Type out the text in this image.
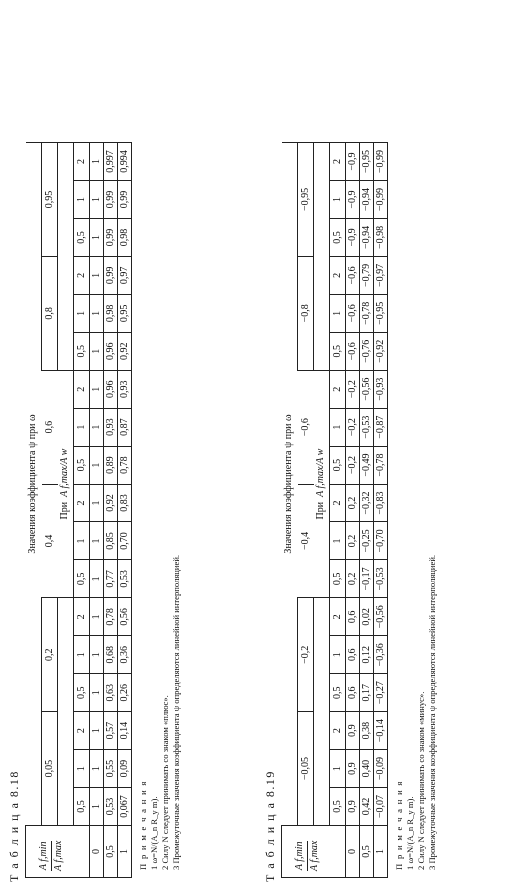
Т а б л и ц а 8.18 A f,min A f,max	Значения коэффициента ψ при ω																	
	0,05			0,2			0,4			0,6			0,8			0,95		
							При  A f,max/A w											
	0,5	1	2	0,5	1	2	0,5	1	2	0,5	1	2	0,5	1	2	0,5	1	2
0	1	1	1	1	1	1	1	1	1	1	1	1	1	1	1	1	1	1
0,5	0,53	0,55	0,57	0,63	0,68	0,78	0,77	0,85	0,92	0,89	0,93	0,96	0,96	0,98	0,99	0,99	0,99	0,997
1	0,067	0,09	0,14	0,26	0,36	0,56	0,53	0,70	0,83	0,78	0,87	0,93	0,92	0,95	0,97	0,98	0,99	0,994
П р и м е ч а н и я 1 ω=N/(A_n R_y m). 2 Силу N следует принимать со знаком «плюс». 3 Промежуточные значения коэффициента ψ определяются линейной интерполяцией.	Т а б л и ц а 8.19 A f,min A f,max	Значения коэффициента ψ при ω																	
	−0,05			−0,2			−0,4			−0,6			−0,8			−0,95		
							При  A f,max/A w											
	0,5	1	2	0,5	1	2	0,5	1	2	0,5	1	2	0,5	1	2	0,5	1	2
0	0,9	0,9	0,9	0,6	0,6	0,6	0,2	0,2	0,2	−0,2	−0,2	−0,2	−0,6	−0,6	−0,6	−0,9	−0,9	−0,9
0,5	0,42	0,40	0,38	0,17	0,12	0,02	−0,17	−0,25	−0,32	−0,49	−0,53	−0,56	−0,76	−0,78	−0,79	−0,94	−0,94	−0,95
1	−0,07	−0,09	−0,14	−0,27	−0,36	−0,56	−0,53	−0,70	−0,83	−0,78	−0,87	−0,93	−0,92	−0,95	−0,97	−0,98	−0,99	−0,99
П р и м е ч а н и я 1 ω=N/(A_n R_y m). 2 Силу N следует принимать со знаком «минус». 3 Промежуточные значения коэффициента ψ определяются линейной интерполяцией.
